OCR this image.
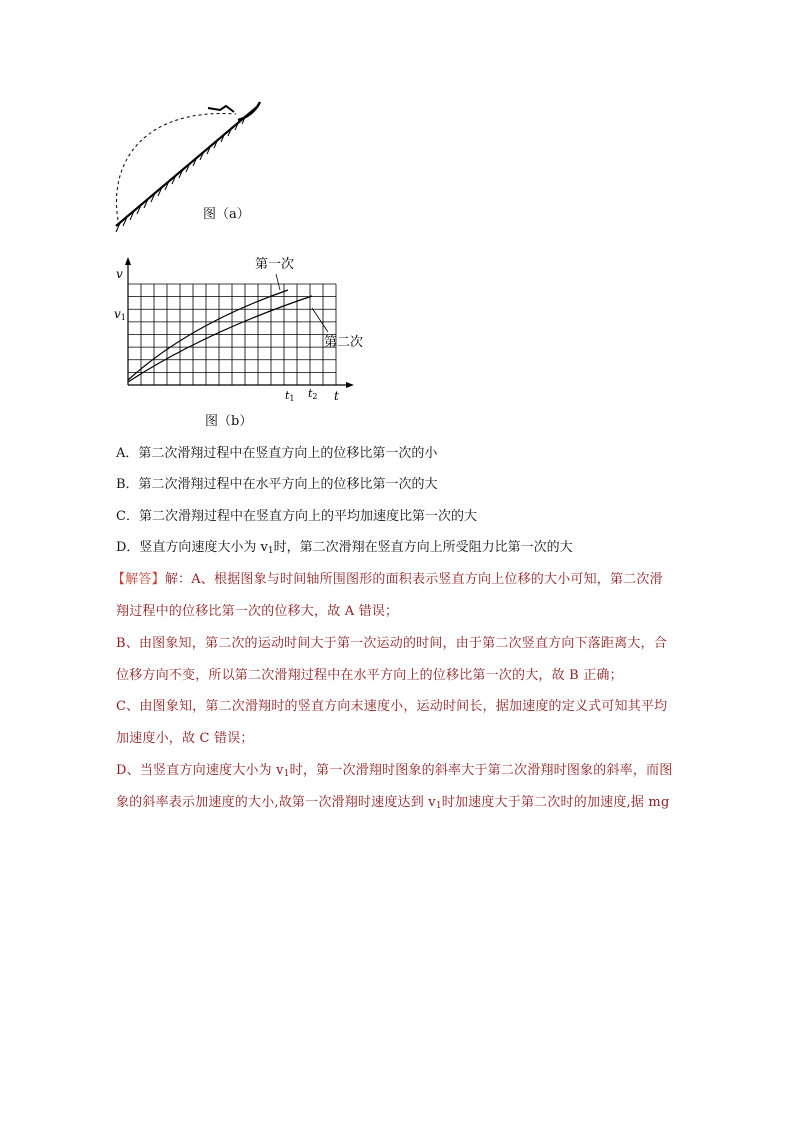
图（a）
v
v1
t
t1 t2
第一次
第二次
图（b）
A．第二次滑翔过程中在竖直方向上的位移比第一次的小
B．第二次滑翔过程中在水平方向上的位移比第一次的大
C．第二次滑翔过程中在竖直方向上的平均加速度比第一次的大
D．竖直方向速度大小为 $v_1$时，第二次滑翔在竖直方向上所受阻力比第一次的大
【解答】解：A、根据图象与时间轴所围图形的面积表示竖直方向上位移的大小可知，第二次滑
翔过程中的位移比第一次的位移大，故 A 错误；
B、由图象知，第二次的运动时间大于第一次运动的时间，由于第二次竖直方向下落距离大，合
位移方向不变，所以第二次滑翔过程中在水平方向上的位移比第一次的大，故 B 正确；
C、由图象知，第二次滑翔时的竖直方向末速度小，运动时间长，据加速度的定义式可知其平均
加速度小，故 C 错误；
D、当竖直方向速度大小为 $v_1$时，第一次滑翔时图象的斜率大于第二次滑翔时图象的斜率，而图
象的斜率表示加速度的大小,故第一次滑翔时速度达到 $v_1$时加速度大于第二次时的加速度,据 mg
